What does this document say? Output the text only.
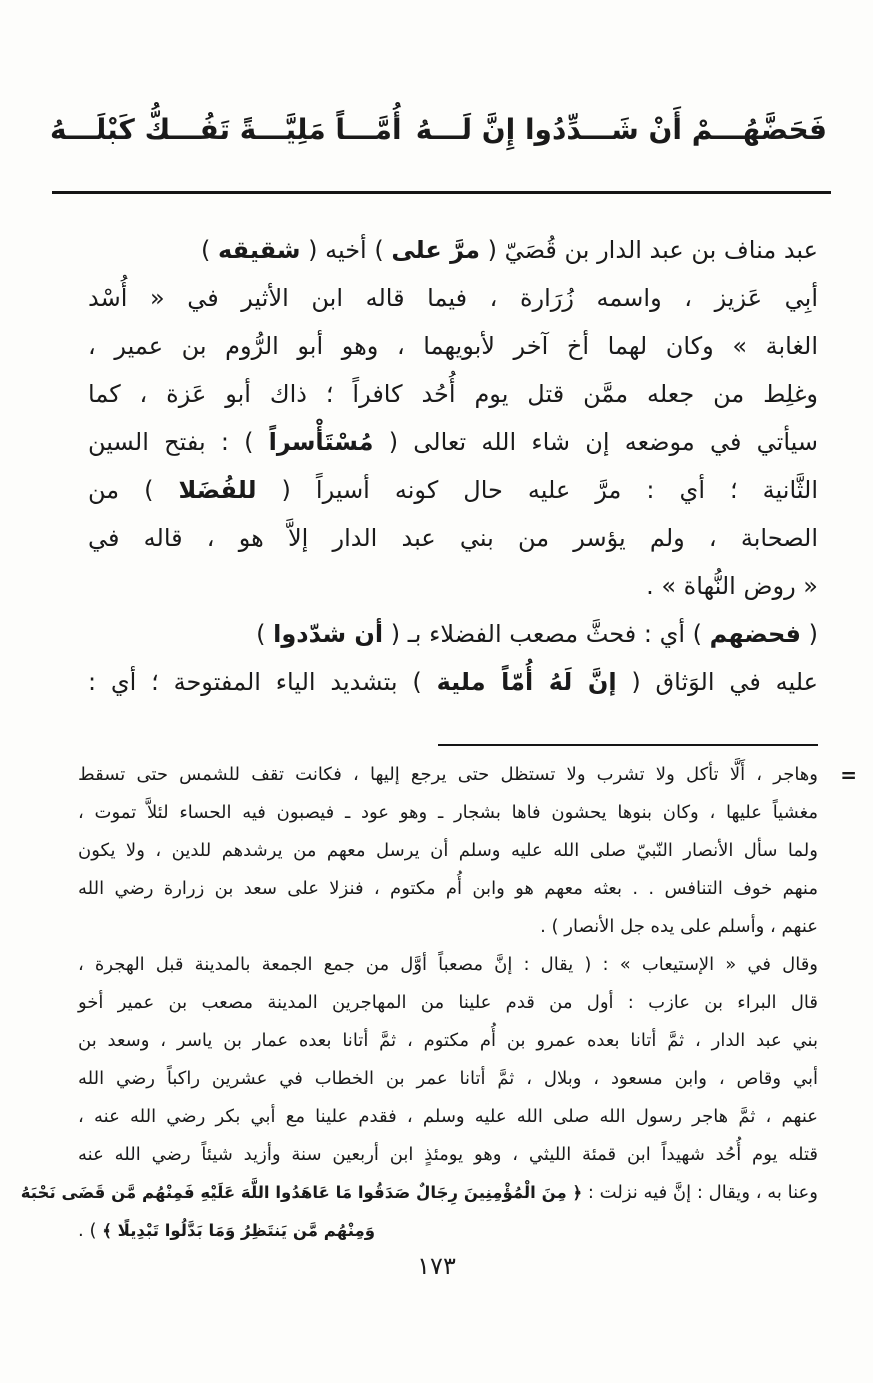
فَحَضَّهُـــمْ أَنْ شَـــدِّدُوا إِنَّ لَـــهُ
أُمَّـــاً مَلِيَّـــةً تَفُـــكُّ كَبْلَـــهُ
عبد مناف بن عبد الدار بن قُصَيّ ( مرَّ على ) أخيه ( شقيقه )
أبِي عَزيز ، واسمه زُرَارة ، فيما قاله ابن الأثير في « أُسْد
الغابة » وكان لهما أخ آخر لأبويهما ، وهو أبو الرُّوم بن عمير ،
وغلِط من جعله ممَّن قتل يوم أُحُد كافراً ؛ ذاك أبو عَزة ، كما
سيأتي في موضعه إن شاء الله تعالى ( مُسْتَأْسراً ) : بفتح السين
الثَّانية ؛ أي : مرَّ عليه حال كونه أسيراً ( للفُضَلا ) من
الصحابة ، ولم يؤسر من بني عبد الدار إلاَّ هو ، قاله في
« روض النُّهاة » .
( فحضهم ) أي : فحثَّ مصعب الفضلاء بـ ( أن شدّدوا )
عليه في الوَثاق ( إنَّ لَهُ أُمّاً ملية ) بتشديد الياء المفتوحة ؛ أي :
=
وهاجر ، أَلَّا تأكل ولا تشرب ولا تستظل حتى يرجع إليها ، فكانت تقف للشمس حتى تسقط
مغشياً عليها ، وكان بنوها يحشون فاها بشجار ـ وهو عود ـ فيصبون فيه الحساء لئلاَّ تموت ،
ولما سأل الأنصار النّبيّ صلى الله عليه وسلم أن يرسل معهم من يرشدهم للدين ، ولا يكون
منهم خوف التنافس . . بعثه معهم هو وابن أُم مكتوم ، فنزلا على سعد بن زرارة رضي الله
عنهم ، وأسلم على يده جل الأنصار ) .
وقال في « الإستيعاب » : ( يقال : إنَّ مصعباً أوَّل من جمع الجمعة بالمدينة قبل الهجرة ،
قال البراء بن عازب : أول من قدم علينا من المهاجرين المدينة مصعب بن عمير أخو
بني عبد الدار ، ثمَّ أتانا بعده عمرو بن أُم مكتوم ، ثمَّ أتانا بعده عمار بن ياسر ، وسعد بن
أبي وقاص ، وابن مسعود ، وبلال ، ثمَّ أتانا عمر بن الخطاب في عشرين راكباً رضي الله
عنهم ، ثمَّ هاجر رسول الله صلى الله عليه وسلم ، فقدم علينا مع أبي بكر رضي الله عنه ،
قتله يوم أُحُد شهيداً ابن قمئة الليثي ، وهو يومئذٍ ابن أربعين سنة وأزيد شيئاً رضي الله عنه
وعنا به ، ويقال : إنَّ فيه نزلت : ﴿ مِنَ الْمُؤْمِنِينَ رِجَالٌ صَدَقُوا مَا عَاهَدُوا اللَّهَ عَلَيْهِ فَمِنْهُم مَّن قَضَى نَحْبَهُ
وَمِنْهُم مَّن يَنتَظِرُ وَمَا بَدَّلُوا تَبْدِيلًا ﴾ ) .
١٧٣
